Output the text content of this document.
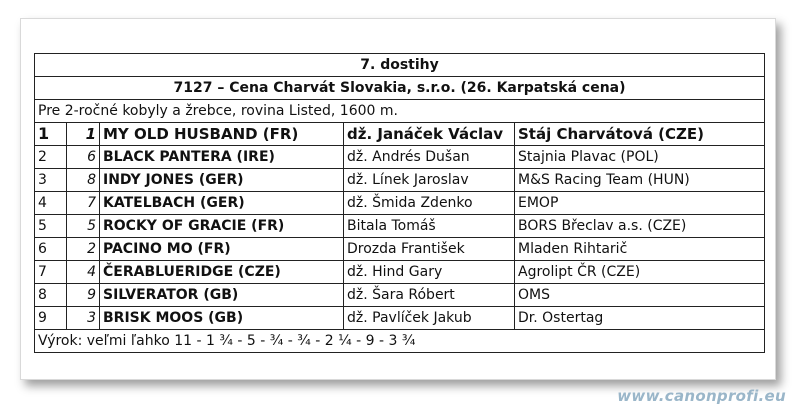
7. dostihy				
7127 – Cena Charvát Slovakia, s.r.o. (26. Karpatská cena)				
Pre 2-ročné kobyly a žrebce, rovina Listed, 1600 m.				
1	1	MY OLD HUSBAND (FR)	dž. Janáček Václav	Stáj Charvátová (CZE)
2	6	BLACK PANTERA (IRE)	dž. Andrés Dušan	Stajnia Plavac (POL)
3	8	INDY JONES (GER)	dž. Línek Jaroslav	M&S Racing Team (HUN)
4	7	KATELBACH (GER)	dž. Šmida Zdenko	EMOP
5	5	ROCKY OF GRACIE (FR)	Bitala Tomáš	BORS Břeclav a.s. (CZE)
6	2	PACINO MO (FR)	Drozda František	Mladen Rihtarič
7	4	ČERABLUERIDGE (CZE)	dž. Hind Gary	Agrolipt ČR (CZE)
8	9	SILVERATOR (GB)	dž. Šara Róbert	OMS
9	3	BRISK MOOS (GB)	dž. Pavlíček Jakub	Dr. Ostertag
Výrok: veľmi ľahko 11 - 1 ¾ - 5 - ¾ - ¾ - 2 ¼ - 9 - 3 ¾				
www.canonprofi.eu
